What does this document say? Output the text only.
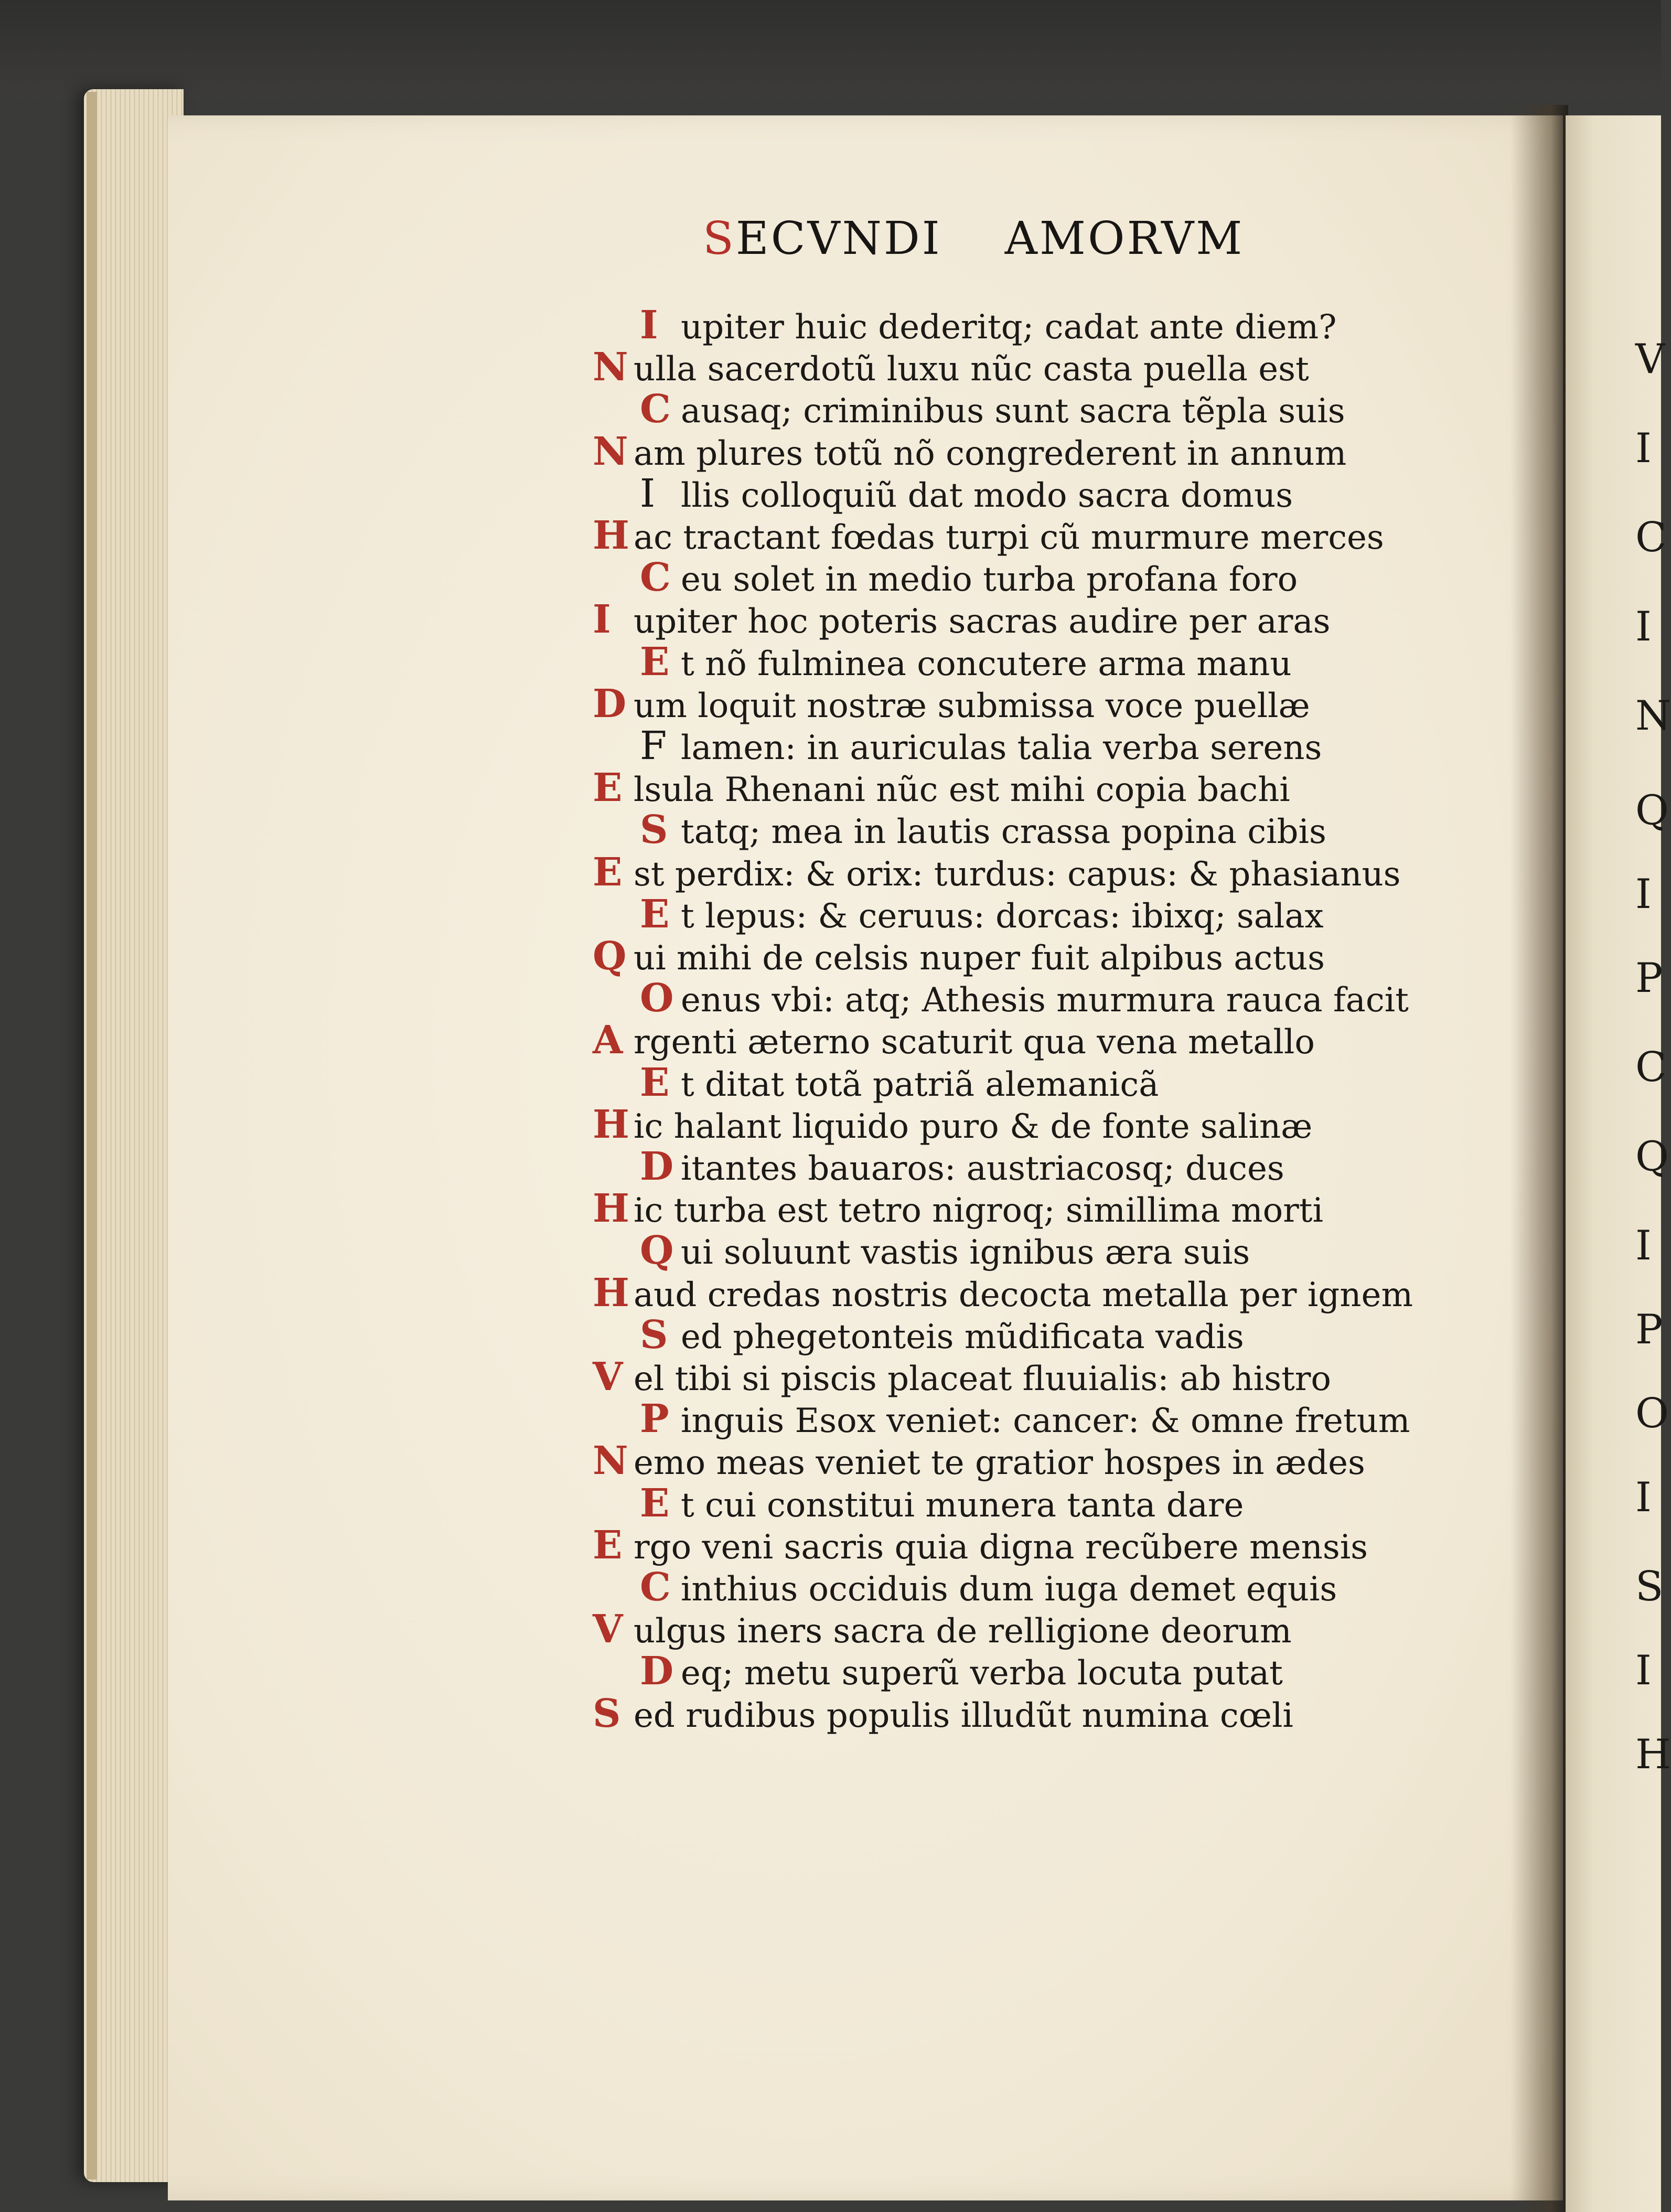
SECVNDI AMORVM
I upiter huic dederitq; cadat ante diem?
N ulla sacerdotũ luxu nũc casta puella est
C ausaq; criminibus sunt sacra tẽpla suis
N am plures totũ nõ congrederent in annum
I llis colloquiũ dat modo sacra domus
H ac tractant fœdas turpi cũ murmure merces
C eu solet in medio turba profana foro
I upiter hoc poteris sacras audire per aras
E t nõ fulminea concutere arma manu
D um loquit nostræ submissa voce puellæ
F lamen: in auriculas talia verba serens
E lsula Rhenani nũc est mihi copia bachi
S tatq; mea in lautis crassa popina cibis
E st perdix: & orix: turdus: capus: & phasianus
E t lepus: & ceruus: dorcas: ibixq; salax
Q ui mihi de celsis nuper fuit alpibus actus
O enus vbi: atq; Athesis murmura rauca facit
A rgenti æterno scaturit qua vena metallo
E t ditat totã patriã alemanicã
H ic halant liquido puro & de fonte salinæ
D itantes bauaros: austriacosq; duces
H ic turba est tetro nigroq; simillima morti
Q ui soluunt vastis ignibus æra suis
H aud credas nostris decocta metalla per ignem
S ed phegetonteis mũdificata vadis
V el tibi si piscis placeat fluuialis: ab histro
P inguis Esox veniet: cancer: & omne fretum
N emo meas veniet te gratior hospes in ædes
E t cui constitui munera tanta dare
E rgo veni sacris quia digna recũbere mensis
C inthius occiduis dum iuga demet equis
V ulgus iners sacra de relligione deorum
D eq; metu superũ verba locuta putat
S ed rudibus populis illudũt numina cœli
V
I
C
I
N
Q
I
P
C
Q
I
P
O
I
S
I
H
